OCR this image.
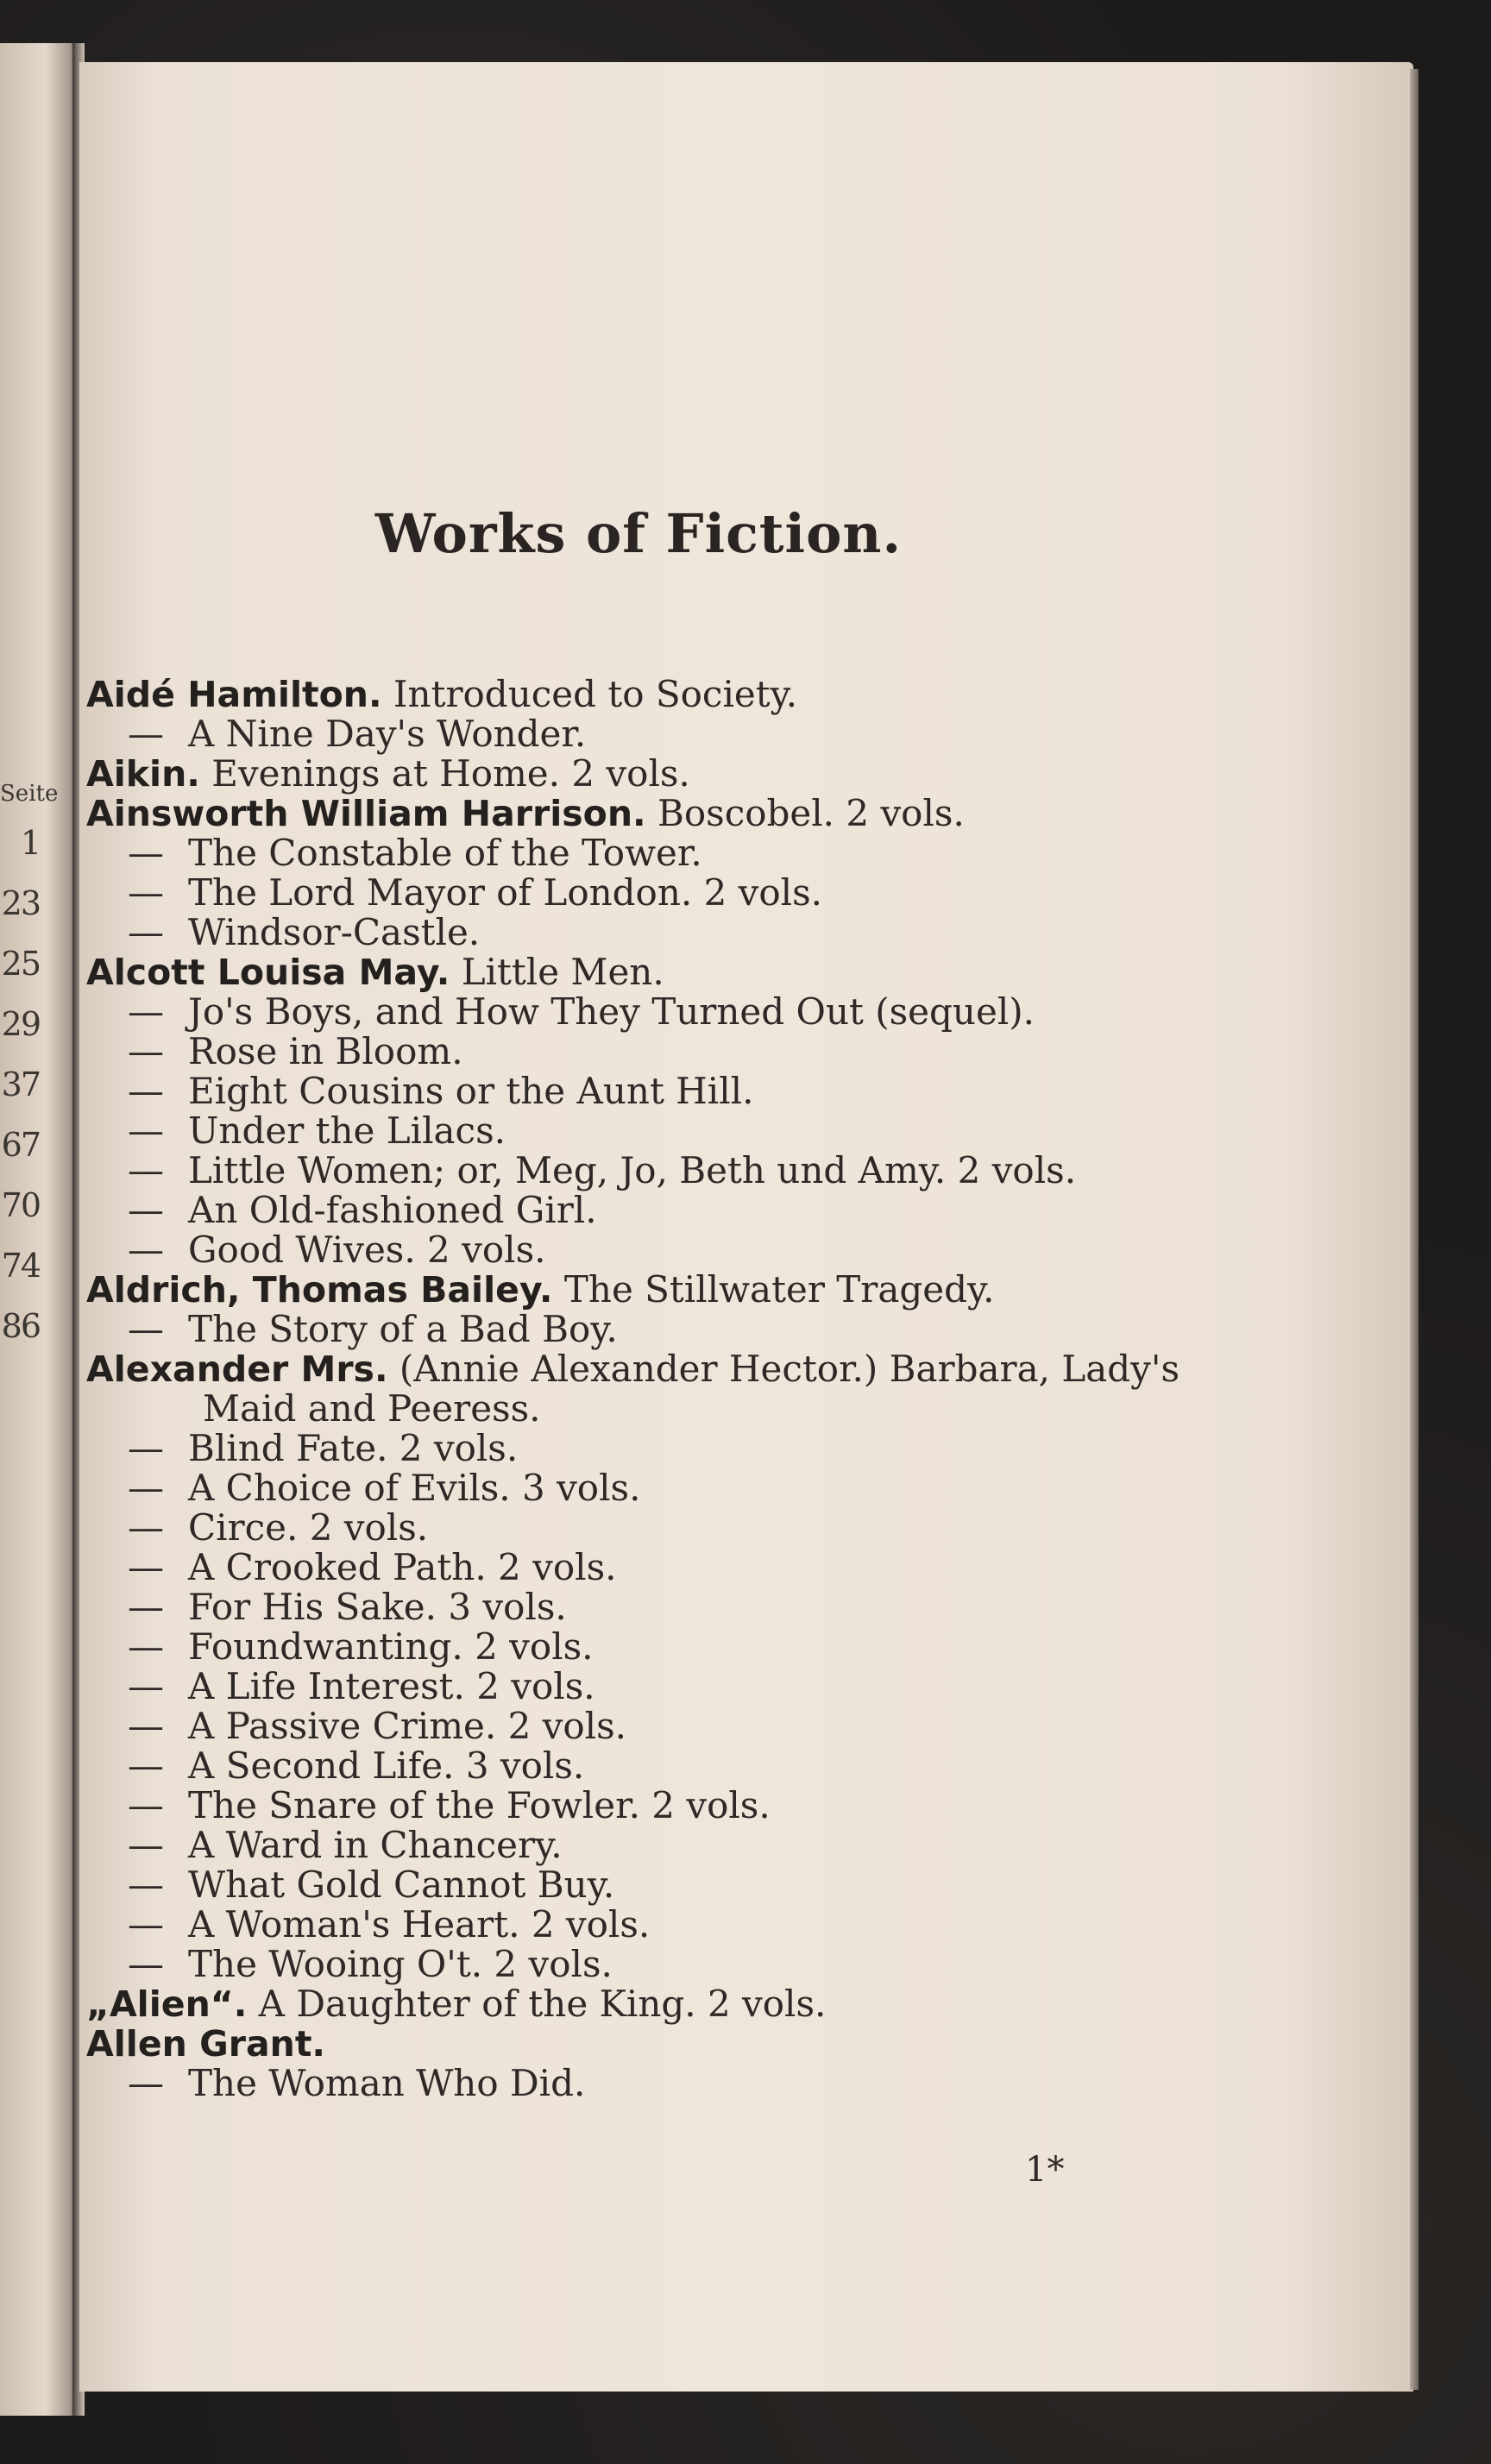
Seite
1
23
25
29
37
67
70
74
86
Works of Fiction.
Aidé Hamilton. Introduced to Society.
— A Nine Day's Wonder.
Aikin. Evenings at Home. 2 vols.
Ainsworth William Harrison. Boscobel. 2 vols.
— The Constable of the Tower.
— The Lord Mayor of London. 2 vols.
— Windsor-Castle.
Alcott Louisa May. Little Men.
— Jo's Boys, and How They Turned Out (sequel).
— Rose in Bloom.
— Eight Cousins or the Aunt Hill.
— Under the Lilacs.
— Little Women; or, Meg, Jo, Beth und Amy. 2 vols.
— An Old-fashioned Girl.
— Good Wives. 2 vols.
Aldrich, Thomas Bailey. The Stillwater Tragedy.
— The Story of a Bad Boy.
Alexander Mrs. (Annie Alexander Hector.) Barbara, Lady's
Maid and Peeress.
— Blind Fate. 2 vols.
— A Choice of Evils. 3 vols.
— Circe. 2 vols.
— A Crooked Path. 2 vols.
— For His Sake. 3 vols.
— Foundwanting. 2 vols.
— A Life Interest. 2 vols.
— A Passive Crime. 2 vols.
— A Second Life. 3 vols.
— The Snare of the Fowler. 2 vols.
— A Ward in Chancery.
— What Gold Cannot Buy.
— A Woman's Heart. 2 vols.
— The Wooing O't. 2 vols.
„Alien“. A Daughter of the King. 2 vols.
Allen Grant.
— The Woman Who Did.
1*
